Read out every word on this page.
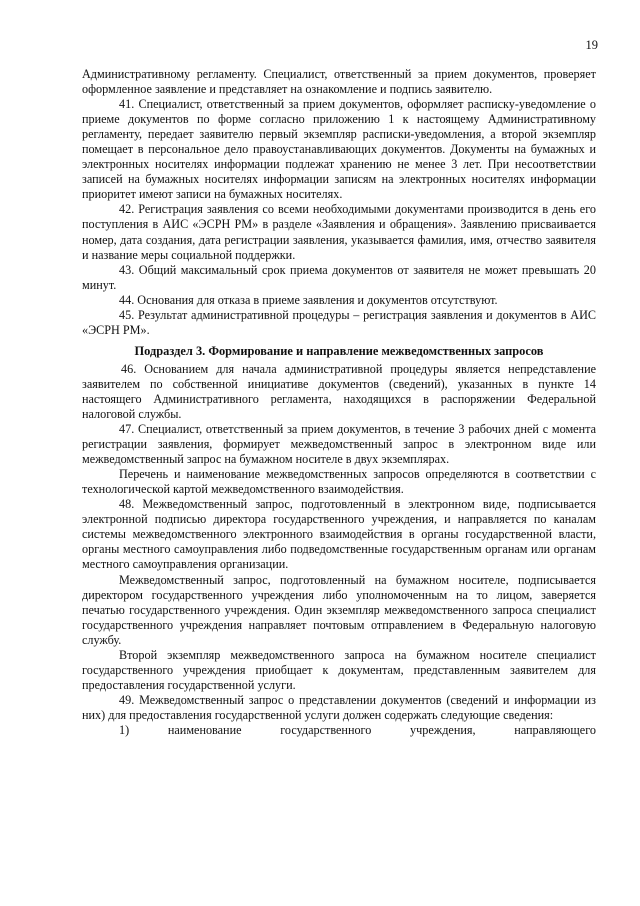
19

Административному регламенту. Специалист, ответственный за прием документов, проверяет оформленное заявление и представляет на ознакомление и подпись заявителю.

41. Специалист, ответственный за прием документов, оформляет расписку-уведомление о приеме документов по форме согласно приложению 1 к настоящему Административному регламенту, передает заявителю первый экземпляр расписки-уведомления, а второй экземпляр помещает в персональное дело правоустанавливающих документов. Документы на бумажных и электронных носителях информации подлежат хранению не менее 3 лет. При несоответствии записей на бумажных носителях информации записям на электронных носителях информации приоритет имеют записи на бумажных носителях.

42. Регистрация заявления со всеми необходимыми документами производится в день его поступления в АИС «ЭСРН РМ» в разделе «Заявления и обращения». Заявлению присваивается номер, дата создания, дата регистрации заявления, указывается фамилия, имя, отчество заявителя и название меры социальной поддержки.

43. Общий максимальный срок приема документов от заявителя не может превышать 20 минут.

44. Основания для отказа в приеме заявления и документов отсутствуют.

45. Результат административной процедуры – регистрация заявления и документов в АИС «ЭСРН РМ».

Подраздел 3. Формирование и направление межведомственных запросов

46. Основанием для начала административной процедуры является непредставление заявителем по собственной инициативе документов (сведений), указанных в пункте 14 настоящего Административного регламента, находящихся в распоряжении Федеральной налоговой службы.

47. Специалист, ответственный за прием документов, в течение 3 рабочих дней с момента регистрации заявления, формирует межведомственный запрос в электронном виде или межведомственный запрос на бумажном носителе в двух экземплярах.

Перечень и наименование межведомственных запросов определяются в соответствии с технологической картой межведомственного взаимодействия.

48. Межведомственный запрос, подготовленный в электронном виде, подписывается электронной подписью директора государственного учреждения, и направляется по каналам системы межведомственного электронного взаимодействия в органы государственной власти, органы местного самоуправления либо подведомственные государственным органам или органам местного самоуправления организации.

Межведомственный запрос, подготовленный на бумажном носителе, подписывается директором государственного учреждения либо уполномоченным на то лицом, заверяется печатью государственного учреждения. Один экземпляр межведомственного запроса специалист государственного учреждения направляет почтовым отправлением в Федеральную налоговую службу.

Второй экземпляр межведомственного запроса на бумажном носителе специалист государственного учреждения приобщает к документам, представленным заявителем для предоставления государственной услуги.

49. Межведомственный запрос о представлении документов (сведений и информации из них) для предоставления государственной услуги должен содержать следующие сведения:

1) наименование государственного учреждения, направляющего
